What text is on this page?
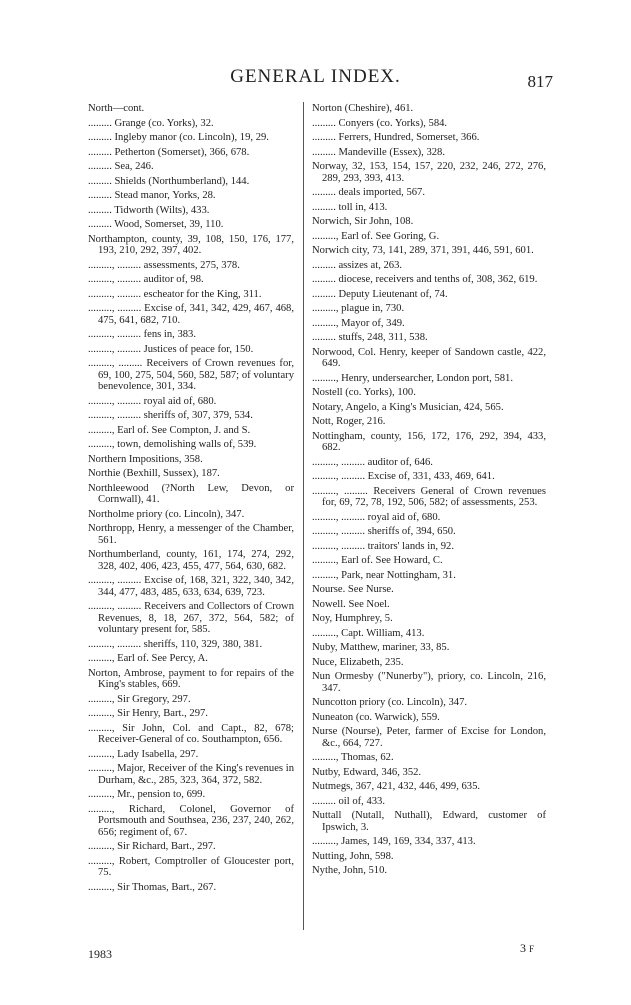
GENERAL INDEX.	817
North—cont.
......... Grange (co. Yorks), 32.
......... Ingleby manor (co. Lincoln), 19, 29.
......... Petherton (Somerset), 366, 678.
......... Sea, 246.
......... Shields (Northumberland), 144.
......... Stead manor, Yorks, 28.
......... Tidworth (Wilts), 433.
......... Wood, Somerset, 39, 110.
Northampton, county, 39, 108, 150, 176, 177, 193, 210, 292, 397, 402.
........., ......... assessments, 275, 378.
........., ......... auditor of, 98.
........., ......... escheator for the King, 311.
........., ......... Excise of, 341, 342, 429, 467, 468, 475, 641, 682, 710.
........., ......... fens in, 383.
........., ......... Justices of peace for, 150.
........., ......... Receivers of Crown revenues for, 69, 100, 275, 504, 560, 582, 587; of voluntary benevolence, 301, 334.
........., ......... royal aid of, 680.
........., ......... sheriffs of, 307, 379, 534.
........., Earl of. See Compton, J. and S.
........., town, demolishing walls of, 539.
Northern Impositions, 358.
Northie (Bexhill, Sussex), 187.
Northleewood (?North Lew, Devon, or Cornwall), 41.
Northolme priory (co. Lincoln), 347.
Northropp, Henry, a messenger of the Chamber, 561.
Northumberland, county, 161, 174, 274, 292, 328, 402, 406, 423, 455, 477, 564, 630, 682.
........., ......... Excise of, 168, 321, 322, 340, 342, 344, 477, 483, 485, 633, 634, 639, 723.
........., ......... Receivers and Collectors of Crown Revenues, 8, 18, 267, 372, 564, 582; of voluntary present for, 585.
........., ......... sheriffs, 110, 329, 380, 381.
........., Earl of. See Percy, A.
Norton, Ambrose, payment to for repairs of the King's stables, 669.
........., Sir Gregory, 297.
........., Sir Henry, Bart., 297.
........., Sir John, Col. and Capt., 82, 678; Receiver-General of co. Southampton, 656.
........., Lady Isabella, 297.
........., Major, Receiver of the King's revenues in Durham, &c., 285, 323, 364, 372, 582.
........., Mr., pension to, 699.
........., Richard, Colonel, Governor of Portsmouth and Southsea, 236, 237, 240, 262, 656; regiment of, 67.
........., Sir Richard, Bart., 297.
........., Robert, Comptroller of Gloucester port, 75.
........., Sir Thomas, Bart., 267.
Norton (Cheshire), 461.
......... Conyers (co. Yorks), 584.
......... Ferrers, Hundred, Somerset, 366.
......... Mandeville (Essex), 328.
Norway, 32, 153, 154, 157, 220, 232, 246, 272, 276, 289, 293, 393, 413.
......... deals imported, 567.
......... toll in, 413.
Norwich, Sir John, 108.
........., Earl of. See Goring, G.
Norwich city, 73, 141, 289, 371, 391, 446, 591, 601.
......... assizes at, 263.
......... diocese, receivers and tenths of, 308, 362, 619.
......... Deputy Lieutenant of, 74.
........., plague in, 730.
........., Mayor of, 349.
......... stuffs, 248, 311, 538.
Norwood, Col. Henry, keeper of Sandown castle, 422, 649.
........., Henry, undersearcher, London port, 581.
Nostell (co. Yorks), 100.
Notary, Angelo, a King's Musician, 424, 565.
Nott, Roger, 216.
Nottingham, county, 156, 172, 176, 292, 394, 433, 682.
........., ......... auditor of, 646.
........., ......... Excise of, 331, 433, 469, 641.
........., ......... Receivers General of Crown revenues for, 69, 72, 78, 192, 506, 582; of assessments, 253.
........., ......... royal aid of, 680.
........., ......... sheriffs of, 394, 650.
........., ......... traitors' lands in, 92.
........., Earl of. See Howard, C.
........., Park, near Nottingham, 31.
Nourse. See Nurse.
Nowell. See Noel.
Noy, Humphrey, 5.
........., Capt. William, 413.
Nuby, Matthew, mariner, 33, 85.
Nuce, Elizabeth, 235.
Nun Ormesby ("Nunerby"), priory, co. Lincoln, 216, 347.
Nuncotton priory (co. Lincoln), 347.
Nuneaton (co. Warwick), 559.
Nurse (Nourse), Peter, farmer of Excise for London, &c., 664, 727.
........., Thomas, 62.
Nutby, Edward, 346, 352.
Nutmegs, 367, 421, 432, 446, 499, 635.
......... oil of, 433.
Nuttall (Nutall, Nuthall), Edward, customer of Ipswich, 3.
........., James, 149, 169, 334, 337, 413.
Nutting, John, 598.
Nythe, John, 510.
1983	3 F
